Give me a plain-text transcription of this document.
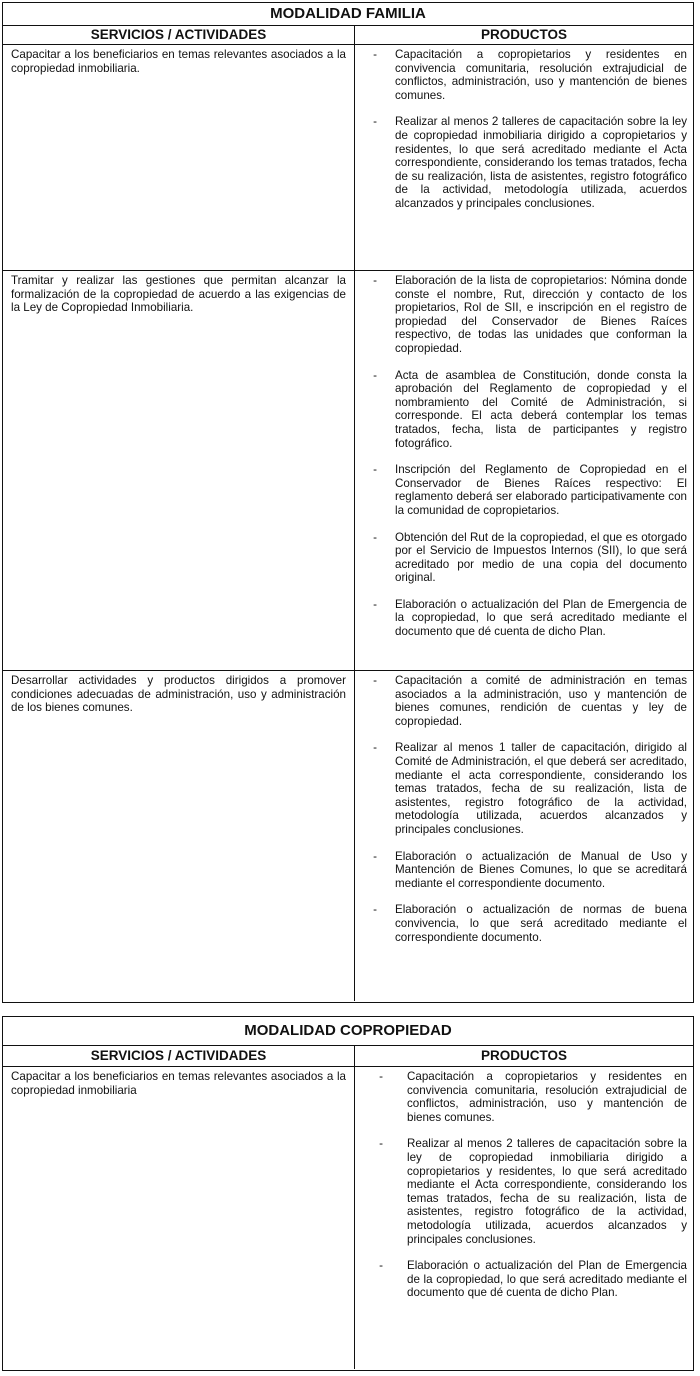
MODALIDAD FAMILIA
SERVICIOS / ACTIVIDADES	PRODUCTOS
Capacitar a los beneficiarios en temas relevantes asociados a la copropiedad inmobiliaria.
-	Capacitación a copropietarios y residentes en convivencia comunitaria, resolución extrajudicial de conflictos, administración, uso y mantención de bienes comunes.
-	Realizar al menos 2 talleres de capacitación sobre la ley de copropiedad inmobiliaria dirigido a copropietarios y residentes, lo que será acreditado mediante el Acta correspondiente, considerando los temas tratados, fecha de su realización, lista de asistentes, registro fotográfico de la actividad, metodología utilizada, acuerdos alcanzados y principales conclusiones.
Tramitar y realizar las gestiones que permitan alcanzar la formalización de la copropiedad de acuerdo a las exigencias de la Ley de Copropiedad Inmobiliaria.
-	Elaboración de la lista de copropietarios: Nómina donde conste el nombre, Rut, dirección y contacto de los propietarios, Rol de SII, e inscripción en el registro de propiedad del Conservador de Bienes Raíces respectivo, de todas las unidades que conforman la copropiedad.
-	Acta de asamblea de Constitución, donde consta la aprobación del Reglamento de copropiedad y el nombramiento del Comité de Administración, si corresponde. El acta deberá contemplar los temas tratados, fecha, lista de participantes y registro fotográfico.
-	Inscripción del Reglamento de Copropiedad en el Conservador de Bienes Raíces respectivo: El reglamento deberá ser elaborado participativamente con la comunidad de copropietarios.
-	Obtención del Rut de la copropiedad, el que es otorgado por el Servicio de Impuestos Internos (SII), lo que será acreditado por medio de una copia del documento original.
-	Elaboración o actualización del Plan de Emergencia de la copropiedad, lo que será acreditado mediante el documento que dé cuenta de dicho Plan.
Desarrollar actividades y productos dirigidos a promover condiciones adecuadas de administración, uso y administración de los bienes comunes.
-	Capacitación a comité de administración en temas asociados a la administración, uso y mantención de bienes comunes, rendición de cuentas y ley de copropiedad.
-	Realizar al menos 1 taller de capacitación, dirigido al Comité de Administración, el que deberá ser acreditado, mediante el acta correspondiente, considerando los temas tratados, fecha de su realización, lista de asistentes, registro fotográfico de la actividad, metodología utilizada, acuerdos alcanzados y principales conclusiones.
-	Elaboración o actualización de Manual de Uso y Mantención de Bienes Comunes, lo que se acreditará mediante el correspondiente documento.
-	Elaboración o actualización de normas de buena convivencia, lo que será acreditado mediante el correspondiente documento.
MODALIDAD COPROPIEDAD
SERVICIOS / ACTIVIDADES	PRODUCTOS
Capacitar a los beneficiarios en temas relevantes asociados a la copropiedad inmobiliaria
-	Capacitación a copropietarios y residentes en convivencia comunitaria, resolución extrajudicial de conflictos, administración, uso y mantención de bienes comunes.
-	Realizar al menos 2 talleres de capacitación sobre la ley de copropiedad inmobiliaria dirigido a copropietarios y residentes, lo que será acreditado mediante el Acta correspondiente, considerando los temas tratados, fecha de su realización, lista de asistentes, registro fotográfico de la actividad, metodología utilizada, acuerdos alcanzados y principales conclusiones.
-	Elaboración o actualización del Plan de Emergencia de la copropiedad, lo que será acreditado mediante el documento que dé cuenta de dicho Plan.
